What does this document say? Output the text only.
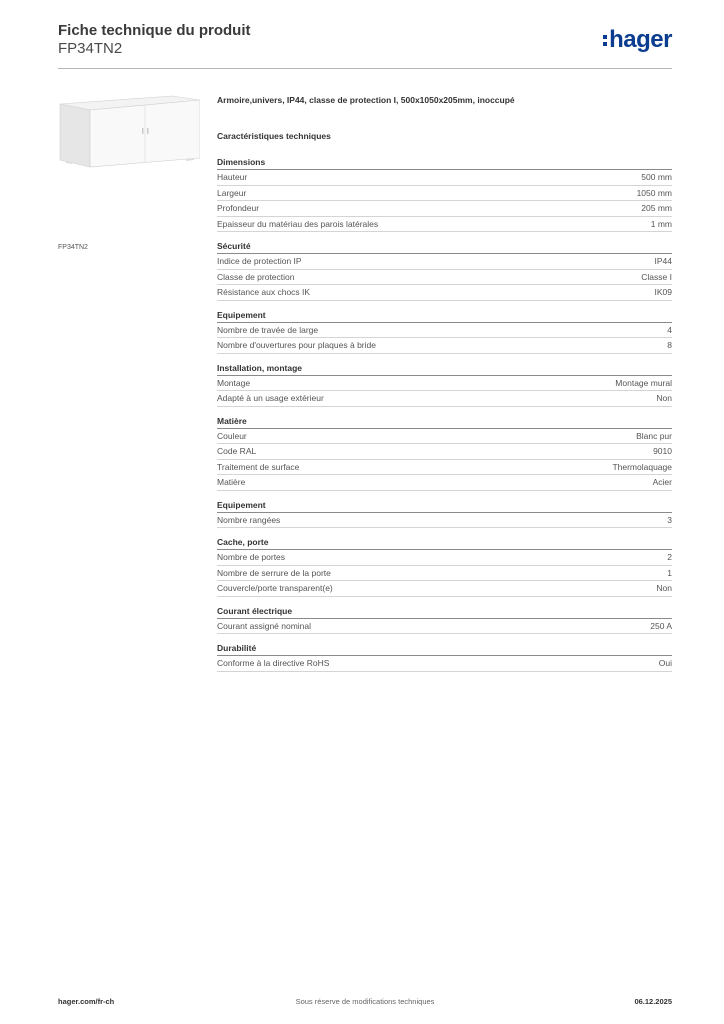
Fiche technique du produit
FP34TN2	hager
FP34TN2
Armoire,univers, IP44, classe de protection I, 500x1050x205mm, inoccupé
Caractéristiques techniques
Dimensions
Hauteur	500 mm
Largeur	1050 mm
Profondeur	205 mm
Epaisseur du matériau des parois latérales	1 mm
Sécurité
Indice de protection IP	IP44
Classe de protection	Classe I
Résistance aux chocs IK	IK09
Equipement
Nombre de travée de large	4
Nombre d'ouvertures pour plaques à bride	8
Installation, montage
Montage	Montage mural
Adapté à un usage extérieur	Non
Matière
Couleur	Blanc pur
Code RAL	9010
Traitement de surface	Thermolaquage
Matière	Acier
Equipement
Nombre rangées	3
Cache, porte
Nombre de portes	2
Nombre de serrure de la porte	1
Couvercle/porte transparent(e)	Non
Courant électrique
Courant assigné nominal	250 A
Durabilité
Conforme à la directive RoHS	Oui
hager.com/fr-ch	Sous réserve de modifications techniques	06.12.2025
